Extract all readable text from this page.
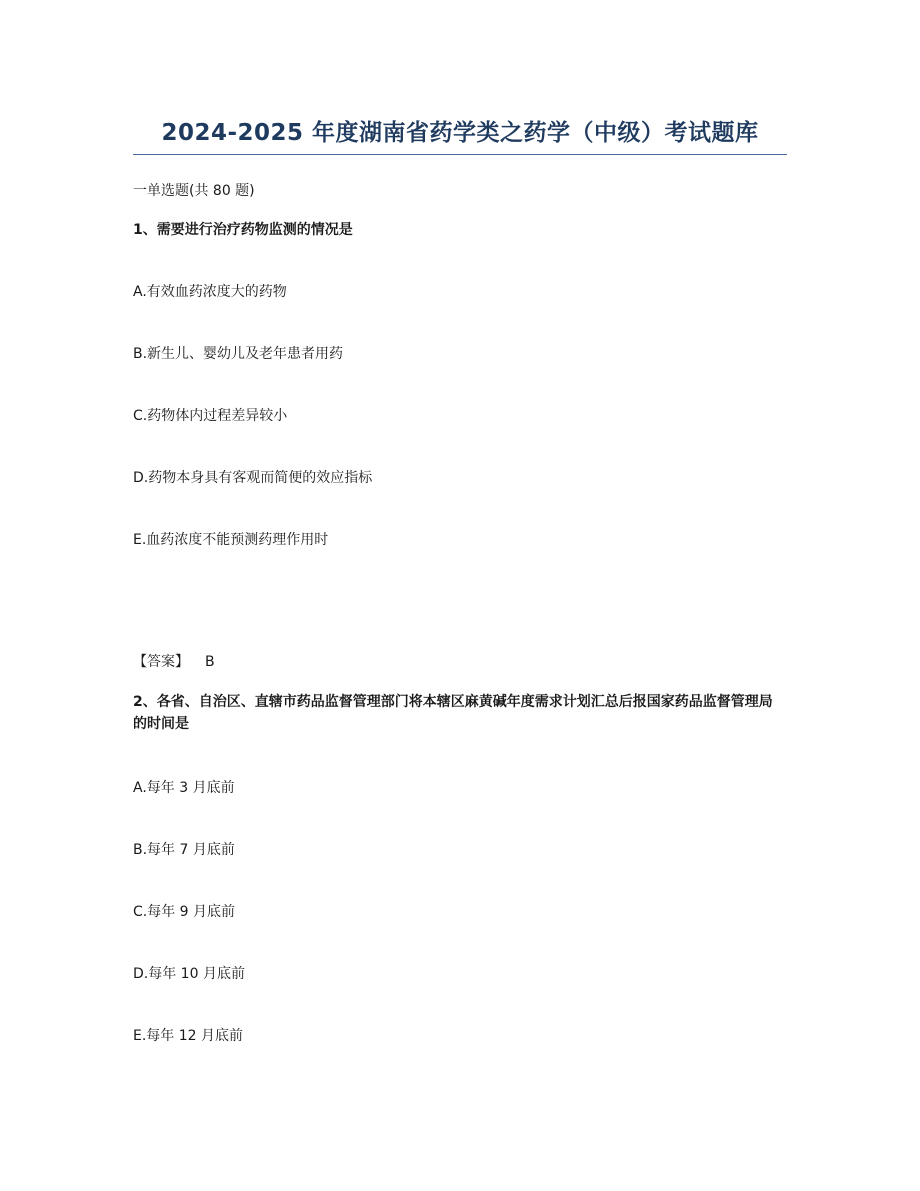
2024-2025 年度湖南省药学类之药学（中级）考试题库
一单选题(共 80 题)
1、需要进行治疗药物监测的情况是
A.有效血药浓度大的药物
B.新生儿、婴幼儿及老年患者用药
C.药物体内过程差异较小
D.药物本身具有客观而简便的效应指标
E.血药浓度不能预测药理作用时
【答案】 B
2、各省、自治区、直辖市药品监督管理部门将本辖区麻黄碱年度需求计划汇总后报国家药品监督管理局的时间是
A.每年 3 月底前
B.每年 7 月底前
C.每年 9 月底前
D.每年 10 月底前
E.每年 12 月底前
